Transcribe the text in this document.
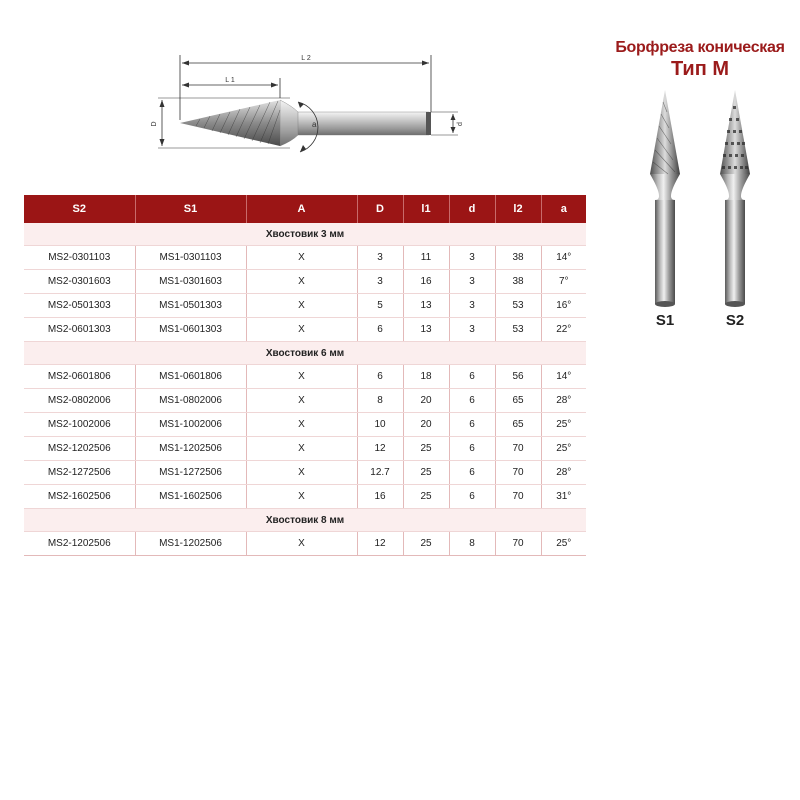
Борфреза коническая
Тип М
L 2
L 1
D	d
a
S1	S2
S2	S1	A	D	l1	d	l2	a
Хвостовик 3 мм							
MS2-0301103	MS1-0301103	X	3	11	3	38	14°
MS2-0301603	MS1-0301603	X	3	16	3	38	7°
MS2-0501303	MS1-0501303	X	5	13	3	53	16°
MS2-0601303	MS1-0601303	X	6	13	3	53	22°
Хвостовик 6 мм							
MS2-0601806	MS1-0601806	X	6	18	6	56	14°
MS2-0802006	MS1-0802006	X	8	20	6	65	28°
MS2-1002006	MS1-1002006	X	10	20	6	65	25°
MS2-1202506	MS1-1202506	X	12	25	6	70	25°
MS2-1272506	MS1-1272506	X	12.7	25	6	70	28°
MS2-1602506	MS1-1602506	X	16	25	6	70	31°
Хвостовик 8 мм							
MS2-1202506	MS1-1202506	X	12	25	8	70	25°
